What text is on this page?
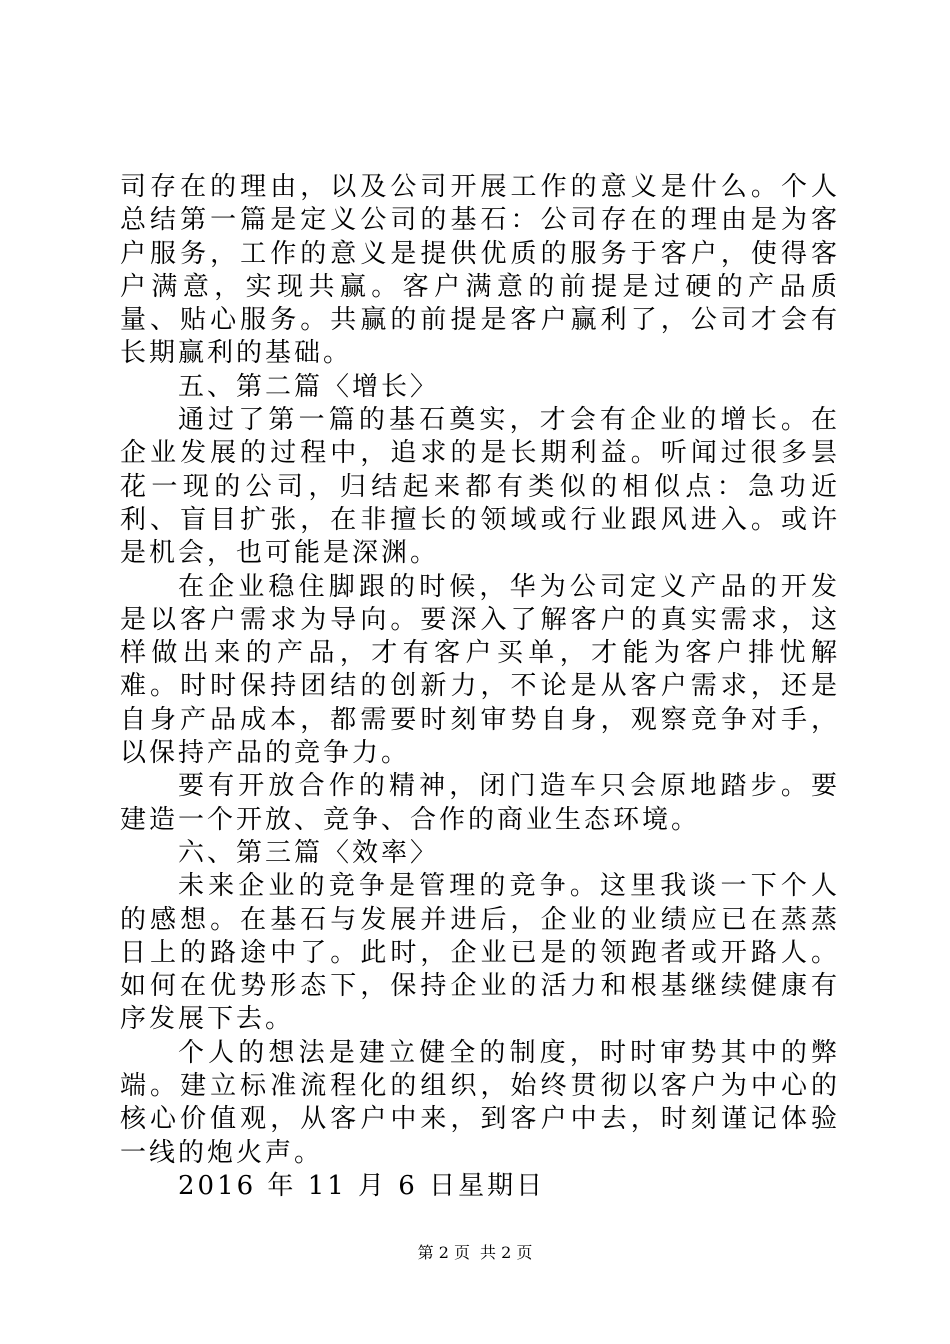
司存在的理由，以及公司开展工作的意义是什么。个人总结第一篇是定义公司的基石：公司存在的理由是为客户服务，工作的意义是提供优质的服务于客户，使得客户满意，实现共赢。客户满意的前提是过硬的产品质量、贴心服务。共赢的前提是客户赢利了，公司才会有长期赢利的基础。

五、第二篇〈增长〉

通过了第一篇的基石奠实，才会有企业的增长。在企业发展的过程中，追求的是长期利益。听闻过很多昙花一现的公司，归结起来都有类似的相似点：急功近利、盲目扩张，在非擅长的领域或行业跟风进入。或许是机会，也可能是深渊。

在企业稳住脚跟的时候，华为公司定义产品的开发是以客户需求为导向。要深入了解客户的真实需求，这样做出来的产品，才有客户买单，才能为客户排忧解难。时时保持团结的创新力，不论是从客户需求，还是自身产品成本，都需要时刻审势自身，观察竞争对手，以保持产品的竞争力。

要有开放合作的精神，闭门造车只会原地踏步。要建造一个开放、竞争、合作的商业生态环境。

六、第三篇〈效率〉

未来企业的竞争是管理的竞争。这里我谈一下个人的感想。在基石与发展并进后，企业的业绩应已在蒸蒸日上的路途中了。此时，企业已是的领跑者或开路人。如何在优势形态下，保持企业的活力和根基继续健康有序发展下去。

个人的想法是建立健全的制度，时时审势其中的弊端。建立标准流程化的组织，始终贯彻以客户为中心的核心价值观，从客户中来，到客户中去，时刻谨记体验一线的炮火声。

2016 年 11 月 6 日星期日

第 2 页 共 2 页
